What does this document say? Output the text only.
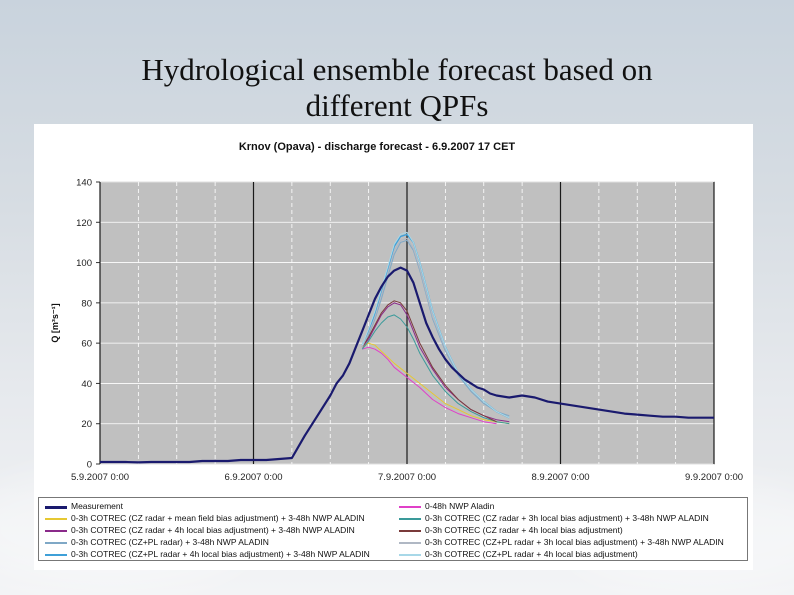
Hydrological ensemble forecast based on
different QPFs
Krnov (Opava) - discharge forecast - 6.9.2007 17 CET
0
20
40
60
80
100
120
140
5.9.2007 0:00	6.9.2007 0:00	7.9.2007 0:00	8.9.2007 0:00	9.9.2007 0:00
Q [m³s⁻¹]
Measurement	0-48h NWP Aladin
0-3h COTREC (CZ radar + mean field bias adjustment) + 3-48h NWP ALADIN	0-3h COTREC (CZ radar + 3h local bias adjustment) + 3-48h NWP ALADIN
0-3h COTREC (CZ radar + 4h local bias adjustment) + 3-48h NWP ALADIN	0-3h COTREC (CZ radar + 4h local bias adjustment)
0-3h COTREC (CZ+PL radar) + 3-48h NWP ALADIN	0-3h COTREC (CZ+PL radar + 3h local bias adjustment) + 3-48h NWP ALADIN
0-3h COTREC (CZ+PL radar + 4h local bias adjustment) + 3-48h NWP ALADIN	0-3h COTREC (CZ+PL radar + 4h local bias adjustment)
